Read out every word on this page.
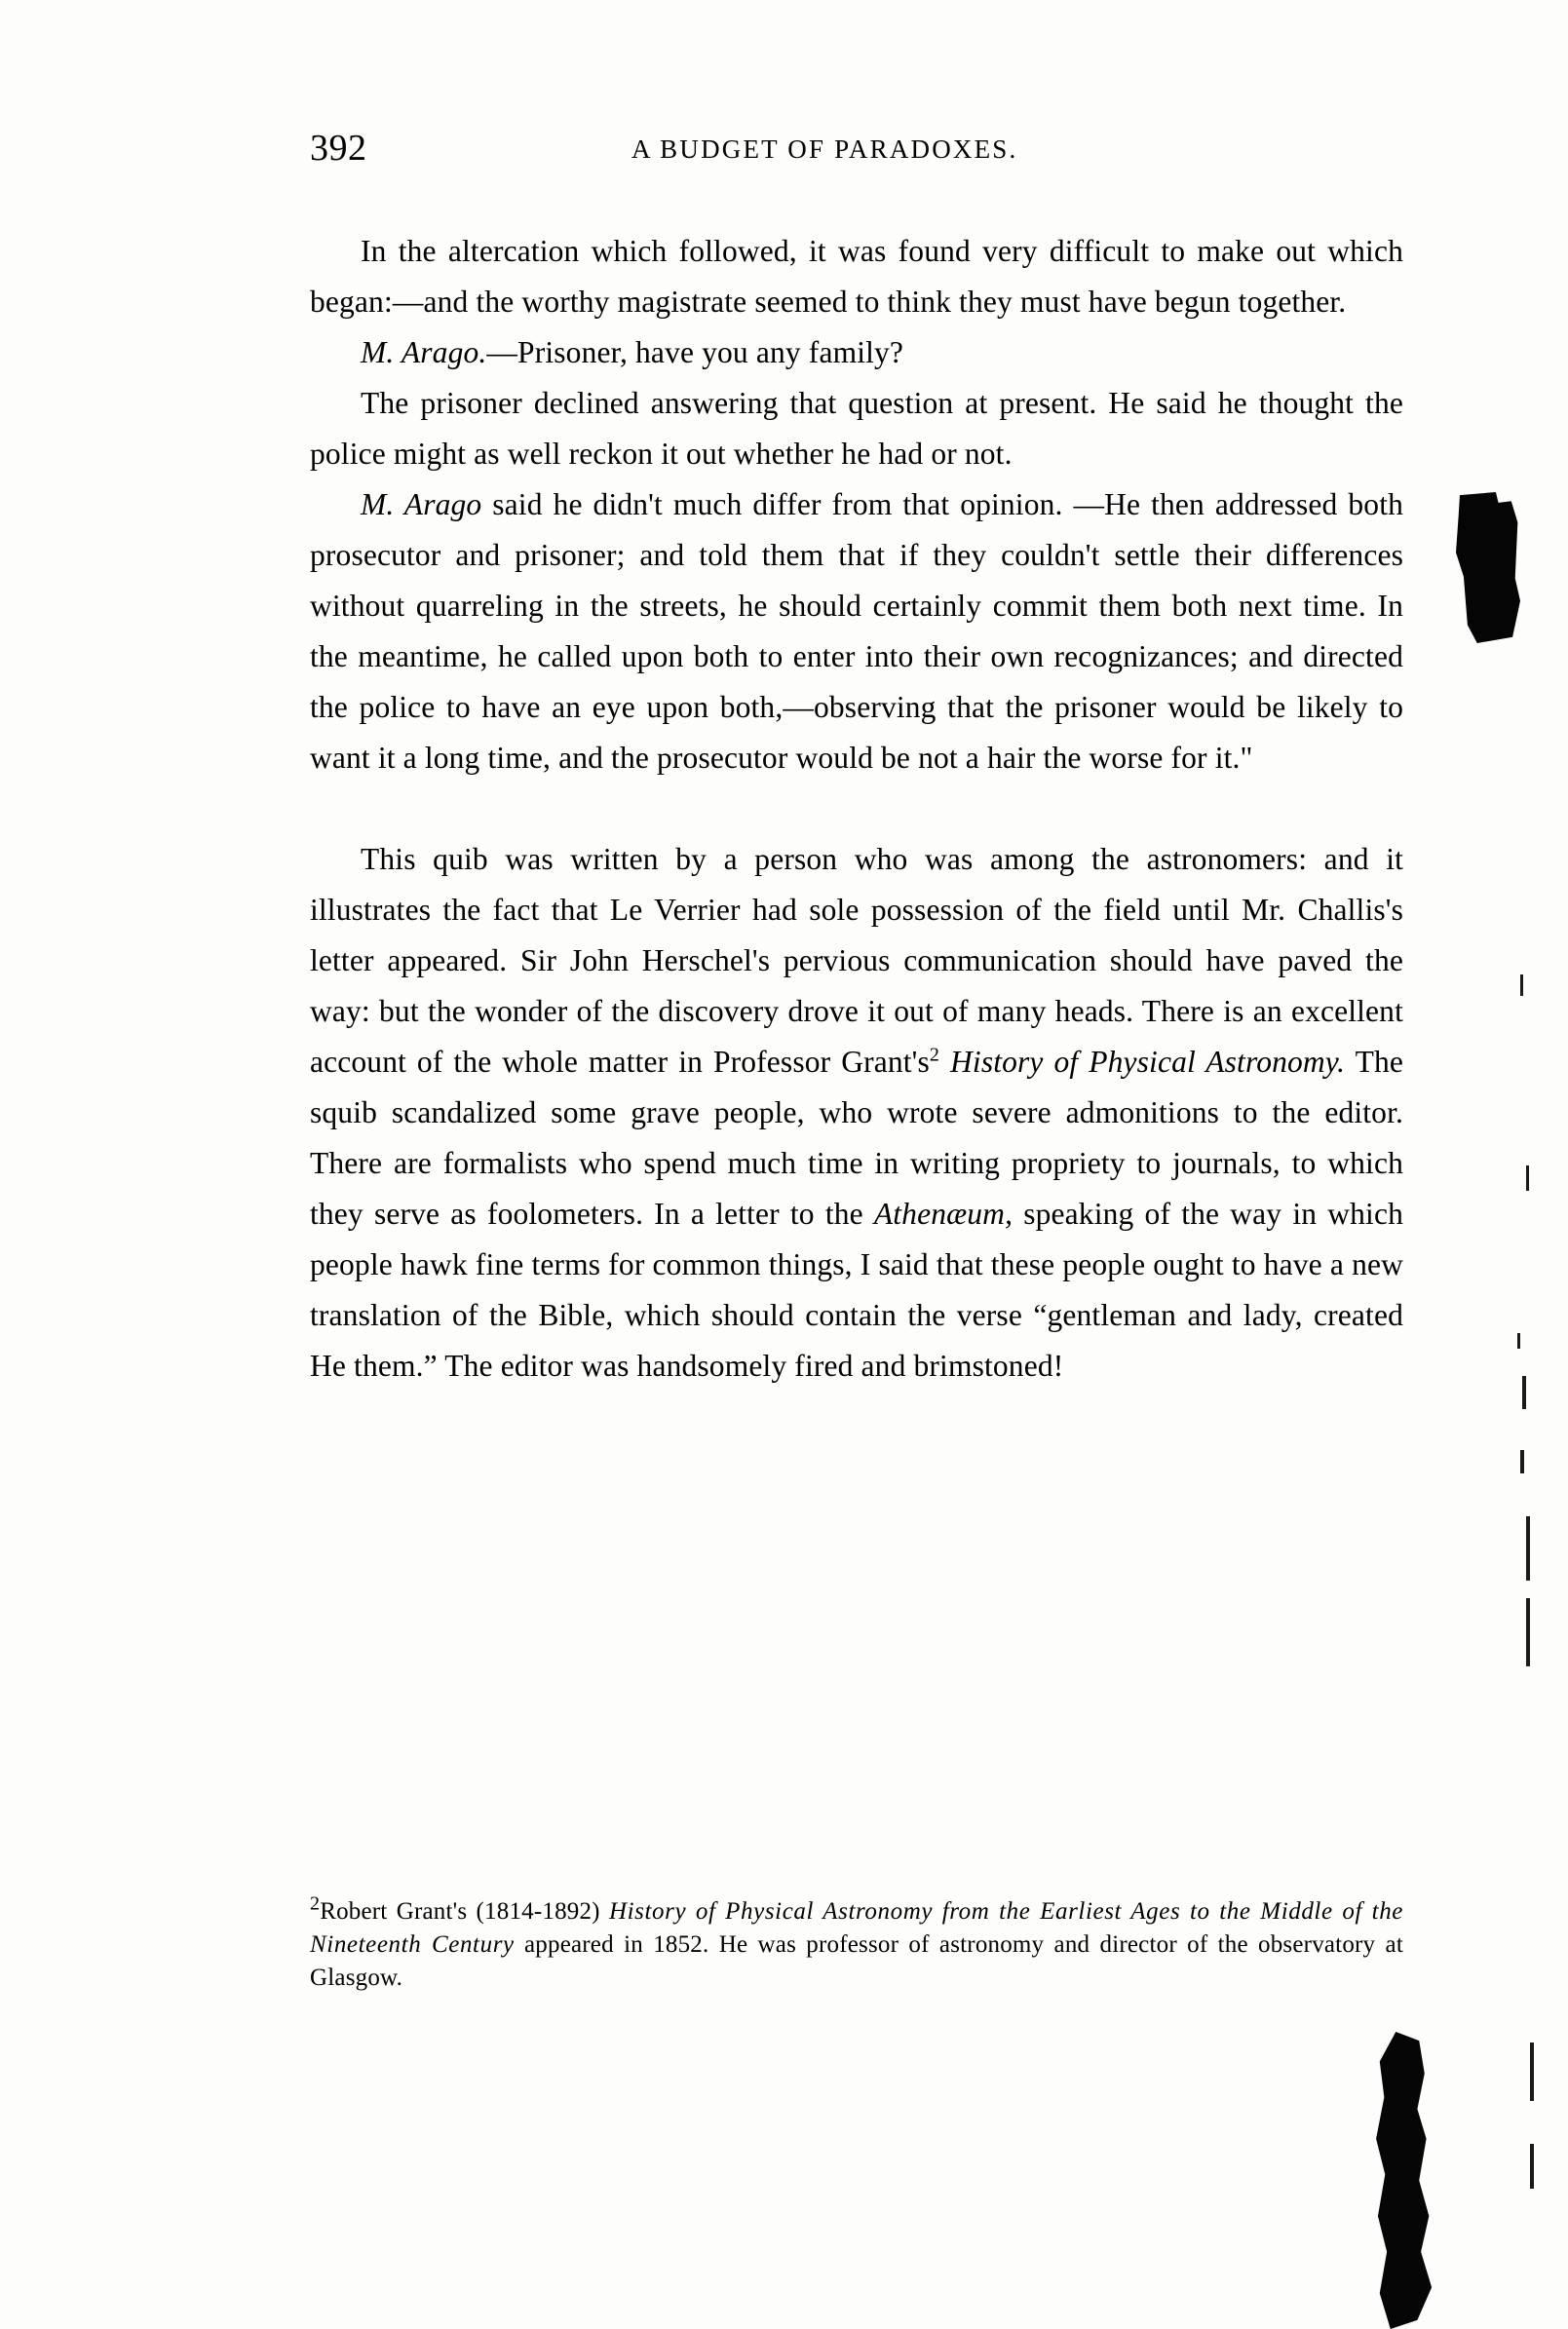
392	A BUDGET OF PARADOXES.

In the altercation which followed, it was found very difficult to make out which began:—and the worthy magistrate seemed to think they must have begun together.

M. Arago.—Prisoner, have you any family?

The prisoner declined answering that question at present. He said he thought the police might as well reckon it out whether he had or not.

M. Arago said he didn't much differ from that opinion. —He then addressed both prosecutor and prisoner; and told them that if they couldn't settle their differences without quarreling in the streets, he should certainly commit them both next time. In the meantime, he called upon both to enter into their own recognizances; and directed the police to have an eye upon both,—observing that the prisoner would be likely to want it a long time, and the prosecutor would be not a hair the worse for it."

This quib was written by a person who was among the astronomers: and it illustrates the fact that Le Verrier had sole possession of the field until Mr. Challis's letter appeared. Sir John Herschel's pervious communication should have paved the way: but the wonder of the discovery drove it out of many heads. There is an excellent account of the whole matter in Professor Grant's$^2$ History of Physical Astronomy. The squib scandalized some grave people, who wrote severe admonitions to the editor. There are formalists who spend much time in writing propriety to journals, to which they serve as foolometers. In a letter to the Athenæum, speaking of the way in which people hawk fine terms for common things, I said that these people ought to have a new translation of the Bible, which should contain the verse “gentleman and lady, created He them.” The editor was handsomely fired and brimstoned!

$^2$Robert Grant's (1814-1892) History of Physical Astronomy from the Earliest Ages to the Middle of the Nineteenth Century appeared in 1852. He was professor of astronomy and director of the observatory at Glasgow.
